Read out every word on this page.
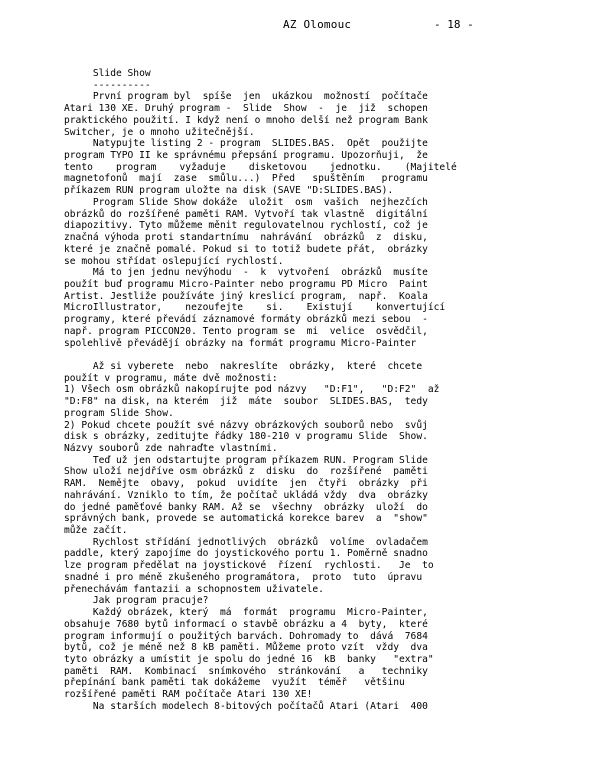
AZ Olomouc	- 18 -
Slide Show
----------
První program byl  spíše  jen  ukázkou  možností  počítače
Atari 130 XE. Druhý program -  Slide  Show  -  je  již  schopen
praktického použití. I když není o mnoho delší než program Bank
Switcher, je o mnoho užitečnější.
Natypujte listing 2 - program  SLIDES.BAS.  Opět  použijte
program TYPO II ke správnému přepsání programu. Upozorňuji,  že
tento    program    vyžaduje    disketovou    jednotku.    (Majitelé
magnetofonů  mají  zase  smůlu...)  Před   spuštěním   programu
příkazem RUN program uložte na disk (SAVE "D:SLIDES.BAS).
Program Slide Show dokáže  uložit  osm  vašich  nejhezčích
obrázků do rozšířené paměti RAM. Vytvoří tak vlastně  digitální
diapozitivy. Tyto můžeme měnit regulovatelnou rychlostí, což je
značná výhoda proti standartnímu  nahrávání  obrázků  z  disku,
které je značně pomalé. Pokud si to totiž budete přát,  obrázky
se mohou střídat oslepující rychlostí.
Má to jen jednu nevýhodu  -  k  vytvoření  obrázků  musíte
použít buď programu Micro-Painter nebo programu PD Micro  Paint
Artist. Jestliže používáte jiný kreslicí program,  např.  Koala
MicroIllustrator,    nezoufejte    si.    Existují    konvertující
programy, které převádí záznamové formáty obrázků mezi sebou  -
např. program PICCON20. Tento program se  mi  velice  osvědčil,
spolehlivě převádějí obrázky na formát programu Micro-Painter
Až si vyberete  nebo  nakreslíte  obrázky,  které  chcete
použít v programu, máte dvě možnosti:
1) Všech osm obrázků nakopírujte pod názvy   "D:F1",   "D:F2"  až
"D:F8" na disk, na kterém  již  máte  soubor  SLIDES.BAS,  tedy
program Slide Show.
2) Pokud chcete použít své názvy obrázkových souborů nebo  svůj
disk s obrázky, zeditujte řádky 180-210 v programu Slide  Show.
Názvy souborů zde nahraďte vlastními.
Teď už jen odstartujte program příkazem RUN. Program Slide
Show uloží nejdříve osm obrázků z  disku  do  rozšířené  paměti
RAM.  Nemějte  obavy,  pokud  uvidíte  jen  čtyři  obrázky  při
nahrávání. Vzniklo to tím, že počítač ukládá vždy  dva  obrázky
do jedné paměťové banky RAM. Až se  všechny  obrázky  uloží  do
správných bank, provede se automatická korekce barev  a  "show"
může začít.
Rychlost střídání jednotlivých  obrázků  volíme  ovladačem
paddle, který zapojíme do joystickového portu 1. Poměrně snadno
lze program předělat na joystickové  řízení  rychlosti.   Je  to
snadné i pro méně zkušeného programátora,  proto  tuto  úpravu
přenechávám fantazii a schopnostem uživatele.
Jak program pracuje?
Každý obrázek, který  má  formát  programu  Micro-Painter,
obsahuje 7680 bytů informací o stavbě obrázku a 4  byty,  které
program informují o použitých barvách. Dohromady to  dává  7684
bytů, což je méně než 8 kB paměti. Můžeme proto vzít  vždy  dva
tyto obrázky a umístit je spolu do jedné 16  kB  banky   "extra"
paměti  RAM.  Kombinací  snímkového  stránkování   a   techniky
přepínání bank paměti tak dokážeme  využít  téměř   většinu
rozšířené paměti RAM počítače Atari 130 XE!
Na starších modelech 8-bitových počítačů Atari (Atari  400
